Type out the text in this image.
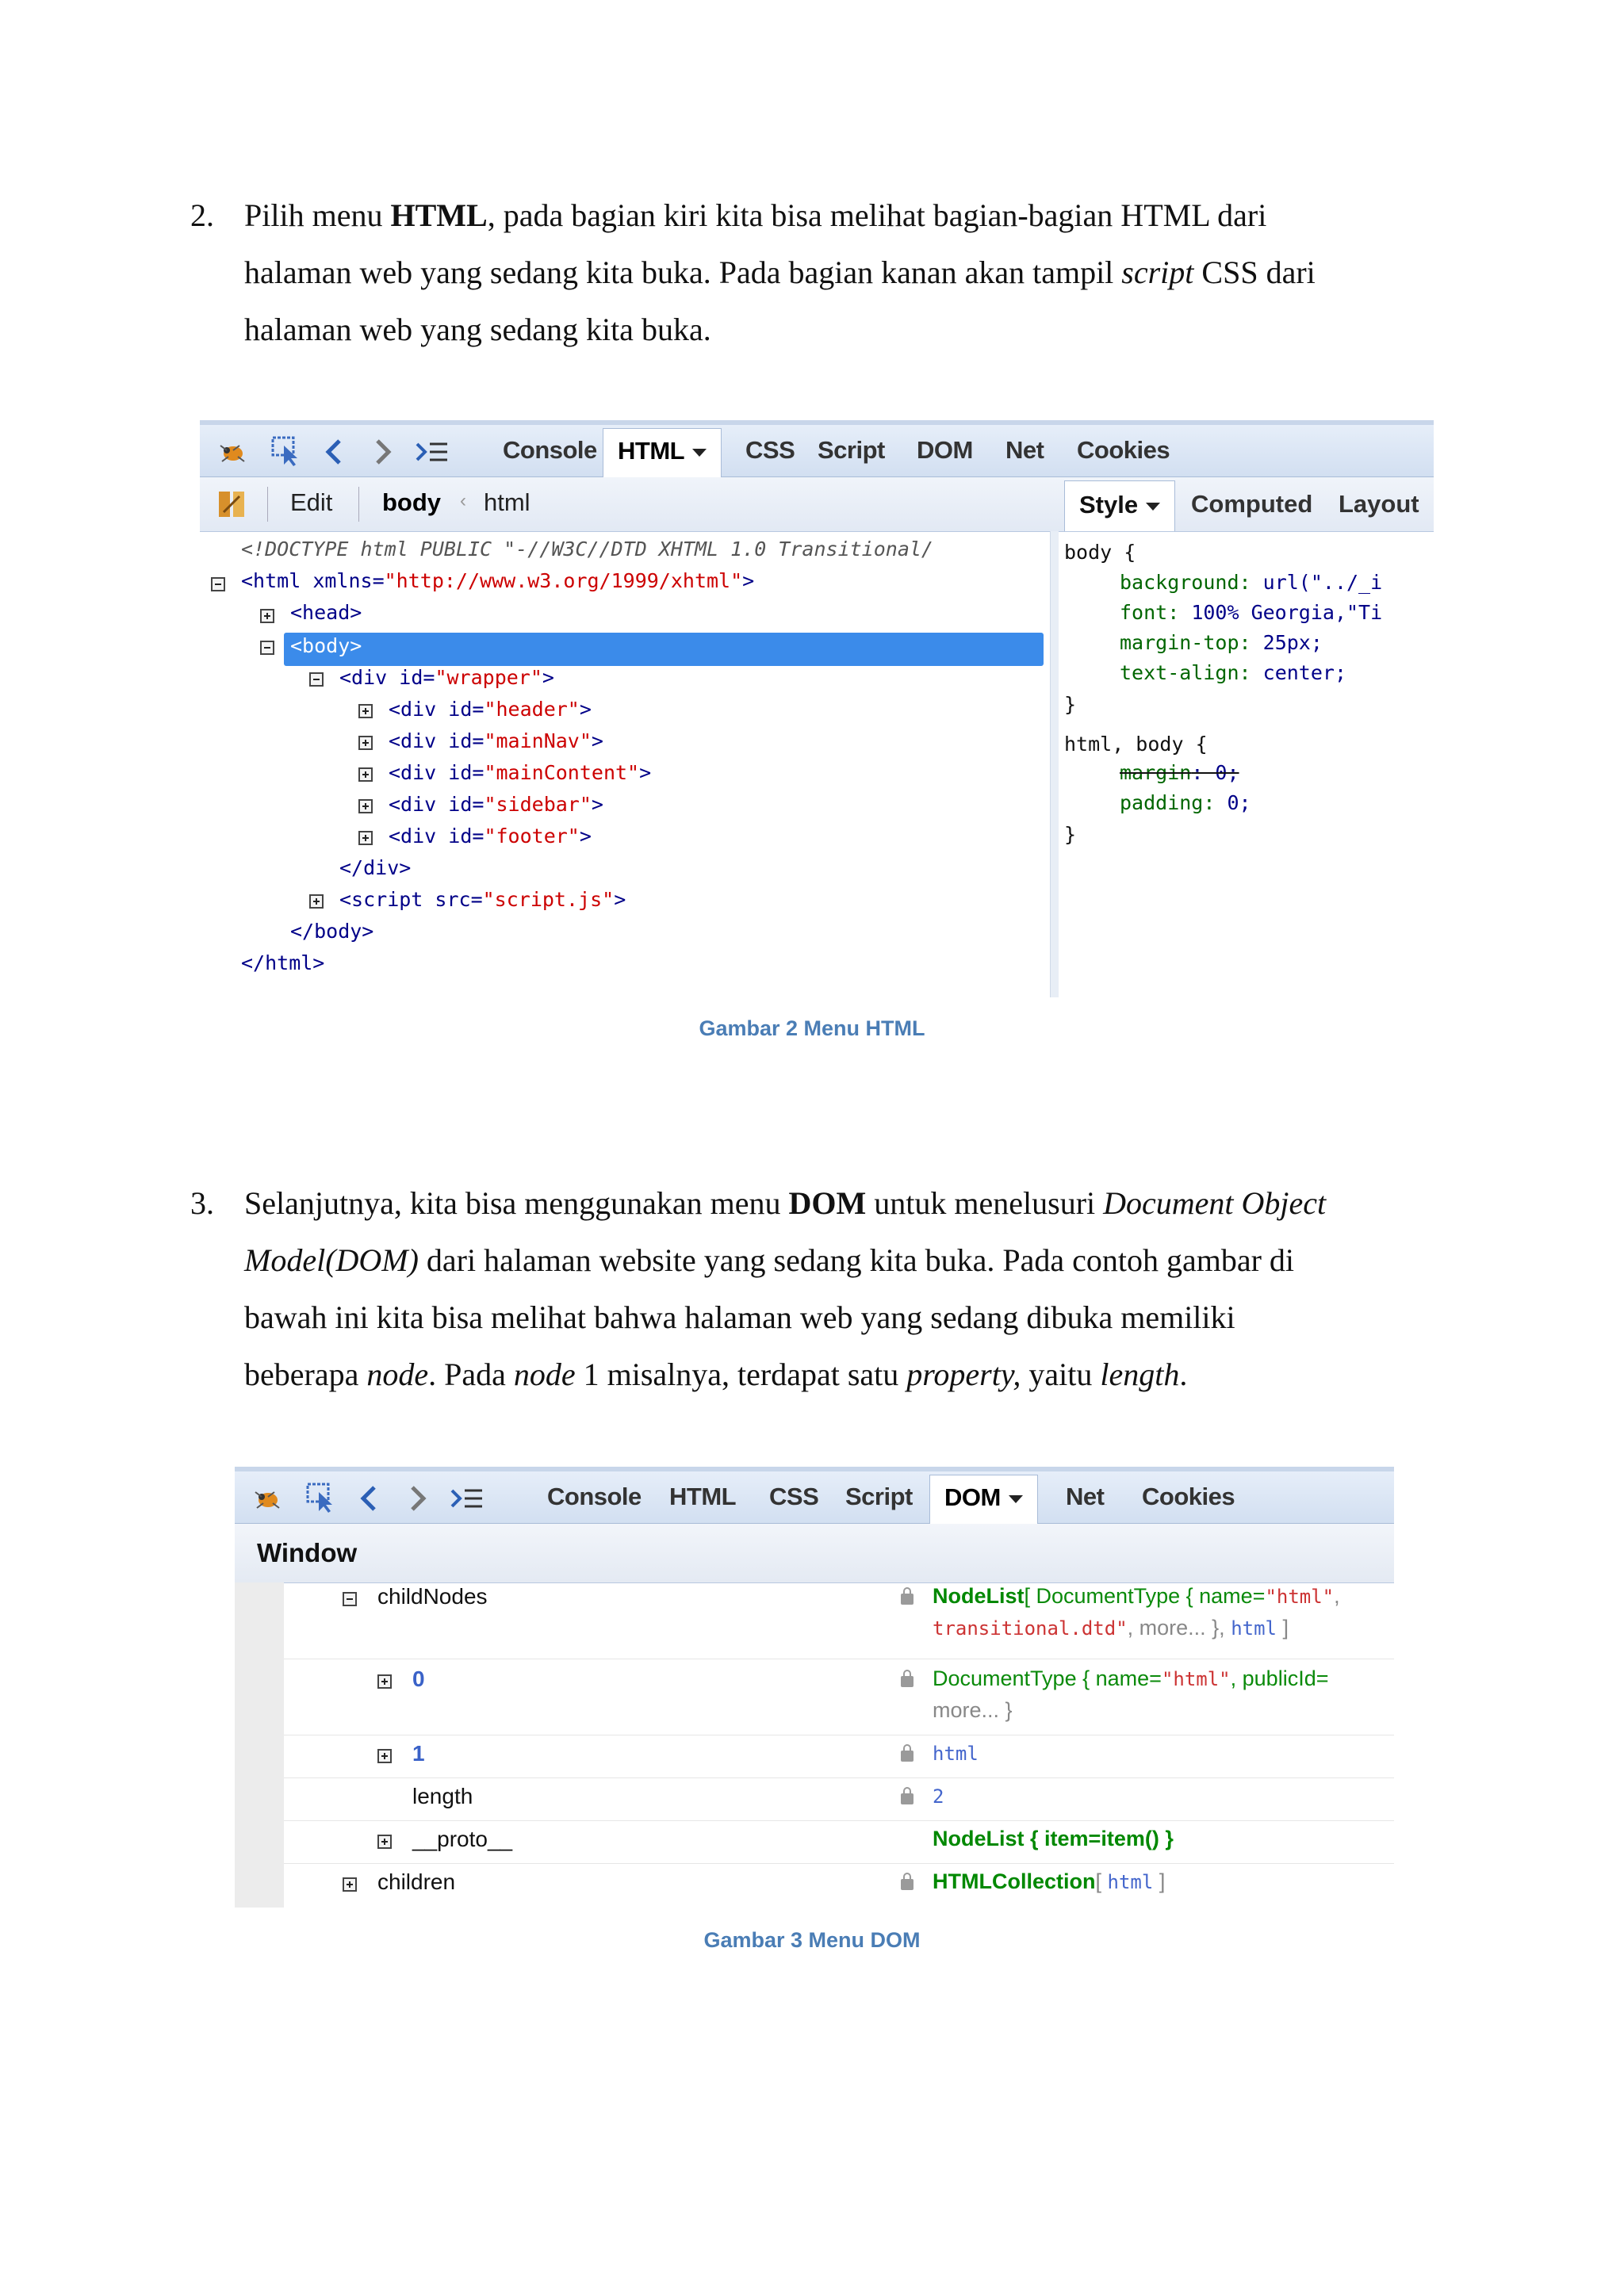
2. Pilih menu HTML, pada bagian kiri kita bisa melihat bagian-bagian HTML dari

halaman web yang sedang kita buka. Pada bagian kanan akan tampil script CSS dari

halaman web yang sedang kita buka.

Console HTML	CSS Script DOM Net Cookies
Edit body ‹ html	Style	Computed Layout
<!DOCTYPE html PUBLIC "-//W3C//DTD XHTML 1.0 Transitional/
<html xmlns="http://www.w3.org/1999/xhtml">
<head>
<body>
<div id="wrapper">
<div id="header">
<div id="mainNav">
<div id="mainContent">
<div id="sidebar">
<div id="footer">
</div>
<script src="script.js">
</body>
</html>
body {
background: url("../_i
font: 100% Georgia,"Ti
margin-top: 25px;
text-align: center;
}
html, body {
margin: 0;
padding: 0;
}
Gambar 2 Menu HTML
3. Selanjutnya, kita bisa menggunakan menu DOM untuk menelusuri Document Object

Model(DOM) dari halaman website yang sedang kita buka. Pada contoh gambar di

bawah ini kita bisa melihat bahwa halaman web yang sedang dibuka memiliki

beberapa node. Pada node 1 misalnya, terdapat satu property, yaitu length.

Console HTML CSS Script	DOM	Net Cookies
Window
childNodes	NodeList[ DocumentType { name="html",
transitional.dtd", more... }, html ]
0	DocumentType { name="html", publicId=
more... }
1	html
length	2
__proto__	NodeList { item=item() }
children	HTMLCollection[ html ]
Gambar 3 Menu DOM
